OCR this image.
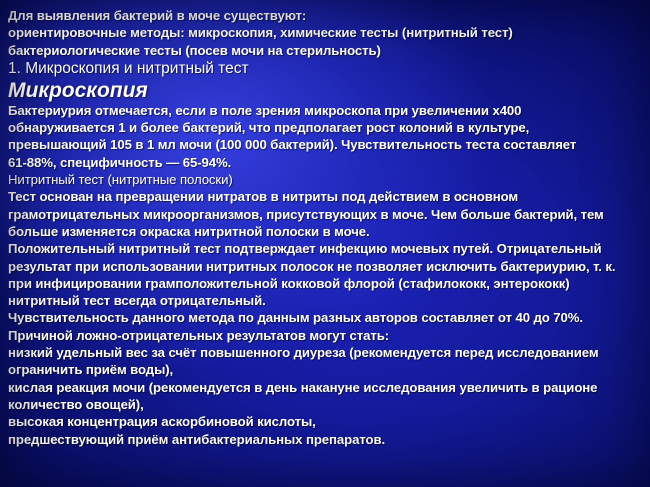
Для выявления бактерий в моче существуют:
ориентировочные методы: микроскопия, химические тесты (нитритный тест)
бактериологические тесты (посев мочи на стерильность)
1. Микроскопия и нитритный тест
Микроскопия
Бактериурия отмечается, если в поле зрения микроскопа при увеличении х400
обнаруживается 1 и более бактерий, что предполагает рост колоний в культуре,
превышающий 105 в 1 мл мочи (100 000 бактерий). Чувствительность теста составляет
61-88%, специфичность — 65-94%.
Нитритный тест (нитритные полоски)
Тест основан на превращении нитратов в нитриты под действием в основном
грамотрицательных микроорганизмов, присутствующих в моче. Чем больше бактерий, тем
больше изменяется окраска нитритной полоски в моче.
Положительный нитритный тест подтверждает инфекцию мочевых путей. Отрицательный
результат при использовании нитритных полосок не позволяет исключить бактериурию, т. к.
при инфицировании грамположительной кокковой флорой (стафилококк, энтерококк)
нитритный тест всегда отрицательный.
Чувствительность данного метода по данным разных авторов составляет от 40 до 70%.
Причиной ложно-отрицательных результатов могут стать:
низкий удельный вес за счёт повышенного диуреза (рекомендуется перед исследованием
ограничить приём воды),
кислая реакция мочи (рекомендуется в день накануне исследования увеличить в рационе
количество овощей),
высокая концентрация аскорбиновой кислоты,
предшествующий приём антибактериальных препаратов.
